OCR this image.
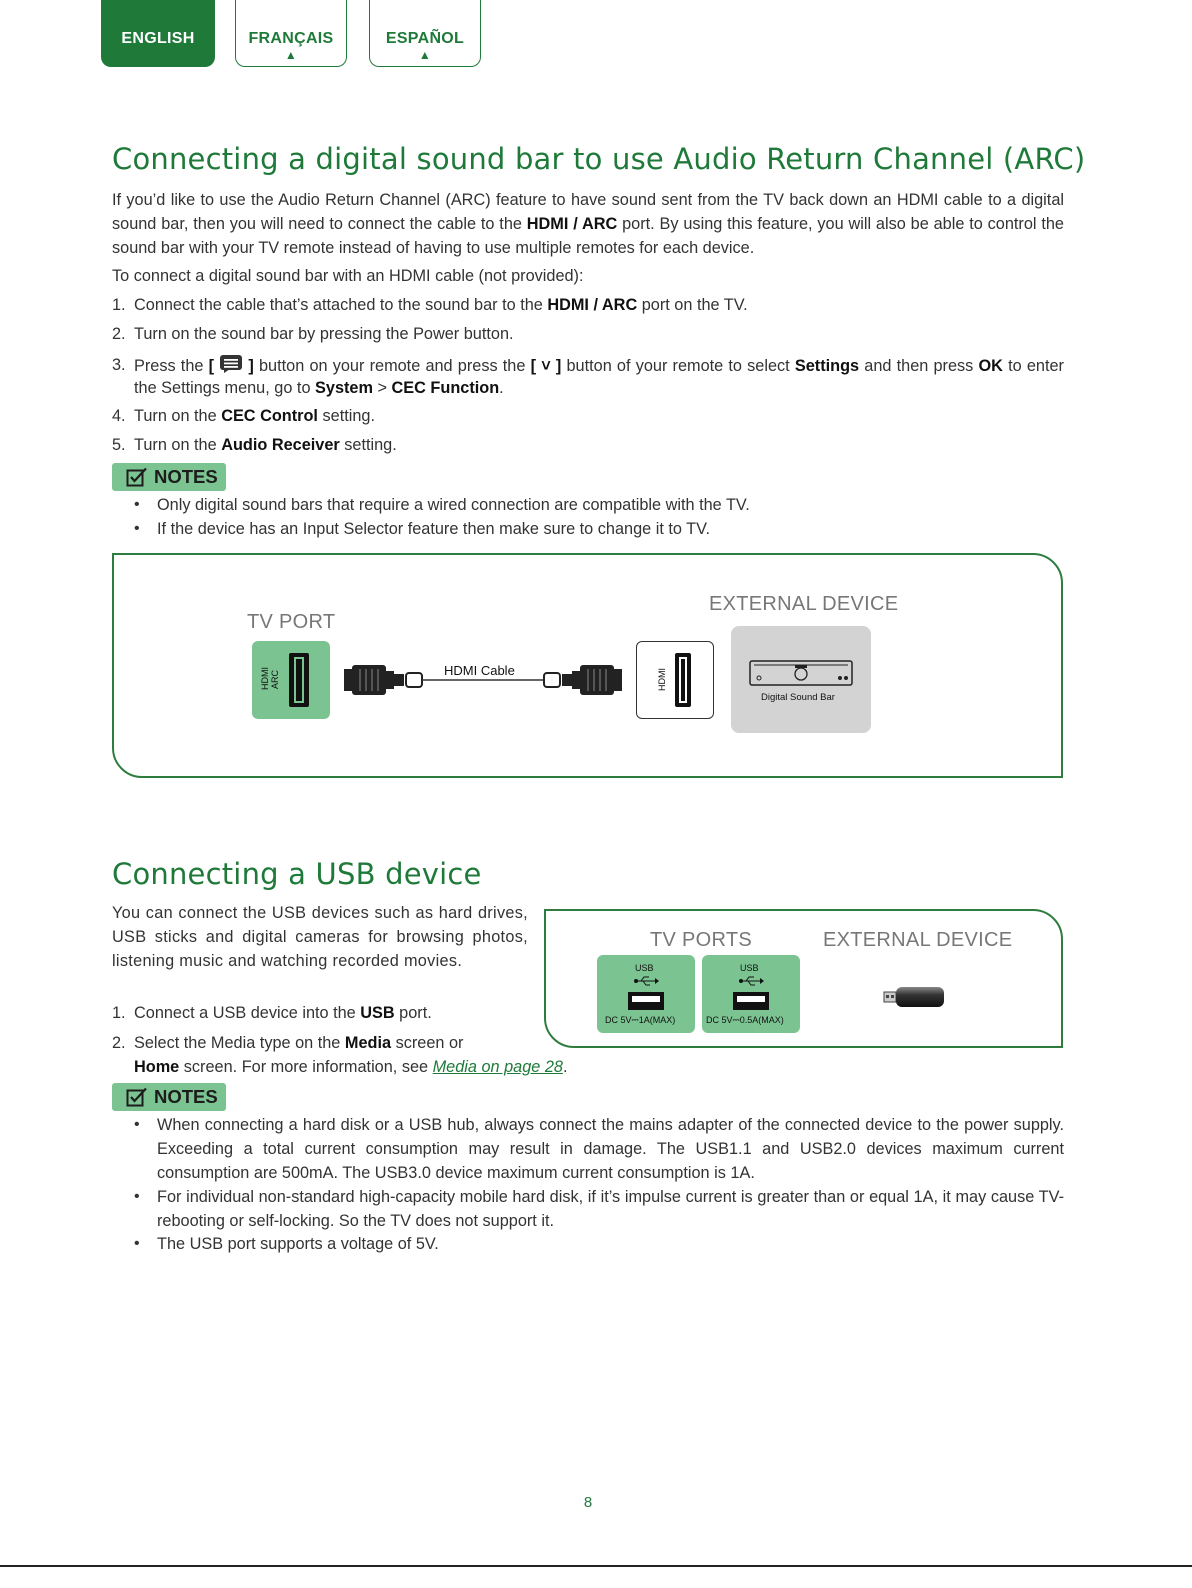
ENGLISH	FRANÇAIS
▲
ESPAÑOL
▲
Connecting a digital sound bar to use Audio Return Channel (ARC)

If you’d like to use the Audio Return Channel (ARC) feature to have sound sent from the TV back down an HDMI cable to a digital sound bar, then you will need to connect the cable to the HDMI / ARC port. By using this feature, you will also be able to control the sound bar with your TV remote instead of having to use multiple remotes for each device.

To connect a digital sound bar with an HDMI cable (not provided):

1. Connect the cable that’s attached to the sound bar to the HDMI / ARC port on the TV.
2. Turn on the sound bar by pressing the Power button.
3. Press the [ ] button on your remote and press the [ ˅ ] button of your remote to select Settings and then press OK to enter the Settings menu, go to System > CEC Function.
4. Turn on the CEC Control setting.
5. Turn on the Audio Receiver setting.
NOTES
• Only digital sound bars that require a wired connection are compatible with the TV.
• If the device has an Input Selector feature then make sure to change it to TV.
TV PORT
EXTERNAL DEVICE
HDMI ARC	HDMI Cable	HDMI
Digital Sound Bar
Connecting a USB device

You can connect the USB devices such as hard drives, USB sticks and digital cameras for browsing photos, listening music and watching recorded movies.

1. Connect a USB device into the USB port.
2. Select the Media type on the Media screen or
Home screen. For more information, see Media on page 28.
NOTES
• When connecting a hard disk or a USB hub, always connect the mains adapter of the connected device to the power supply. Exceeding a total current consumption may result in damage. The USB1.1 and USB2.0 devices maximum current consumption are 500mA. The USB3.0 device maximum current consumption is 1A.
• For individual non-standard high-capacity mobile hard disk, if it’s impulse current is greater than or equal 1A, it may cause TV-rebooting or self-locking. So the TV does not support it.
• The USB port supports a voltage of 5V.
TV PORTS	EXTERNAL DEVICE
USB
DC 5V⎓1A(MAX)
USB
DC 5V⎓0.5A(MAX)
8
